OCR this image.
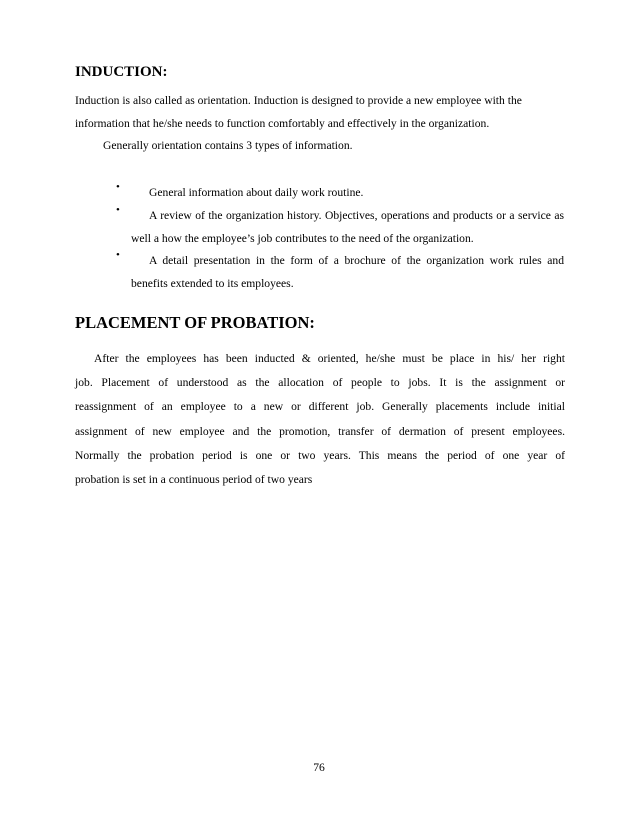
INDUCTION:
Induction is also called as orientation. Induction is designed to provide a new employee with the
information that he/she needs to function comfortably and effectively in the organization.
Generally orientation contains 3 types of information.
•	General information about daily work routine.
•	A review of the organization history. Objectives, operations and products or a service as well a how the employee’s job contributes to the need of the organization.
•	A detail presentation in the form of a brochure of the organization work rules and benefits extended to its employees.
PLACEMENT OF PROBATION:
After the employees has been inducted & oriented, he/she must be place in his/ her right
job. Placement of understood as the allocation of people to jobs. It is the assignment or
reassignment of an employee to a new or different job. Generally placements include initial
assignment of new employee and the promotion, transfer of dermation of present employees.
Normally the probation period is one or two years. This means the period of one year of
probation is set in a continuous period of two years
76
